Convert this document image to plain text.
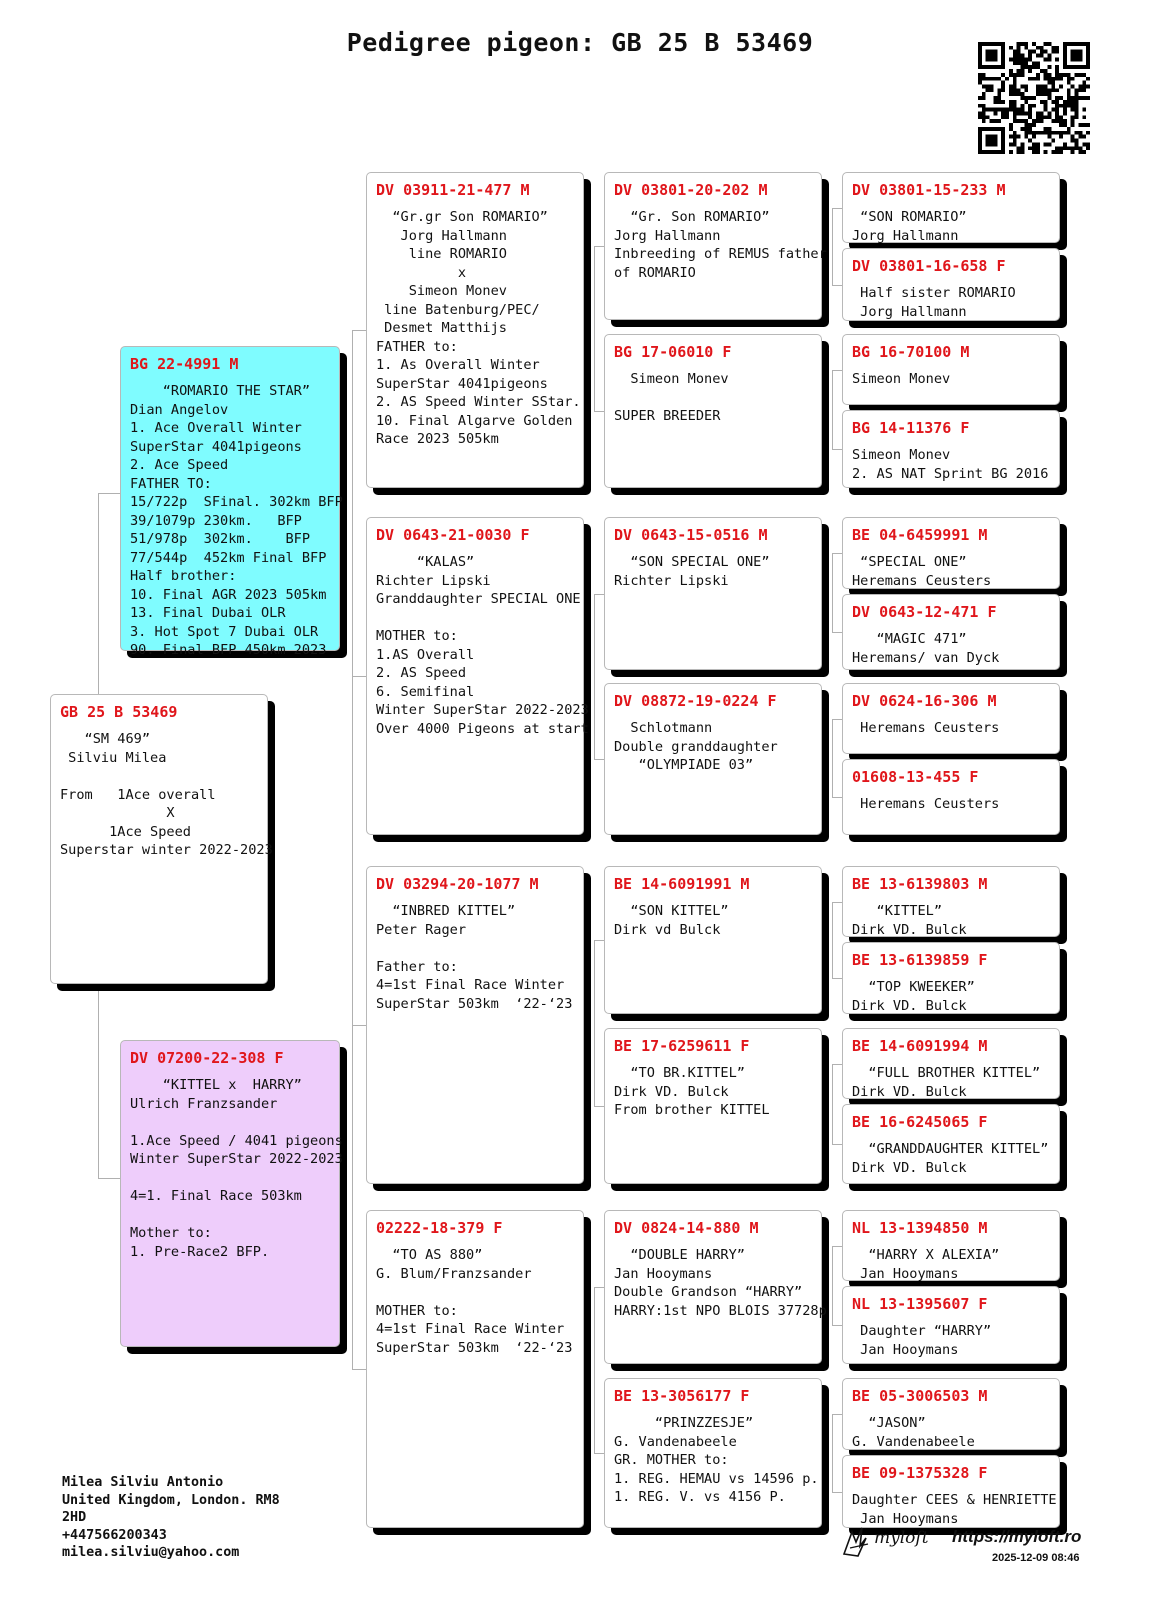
Pedigree pigeon: GB 25 B 53469
GB 25 B 53469
“SM 469”
Silviu Milea
From   1Ace overall
X
1Ace Speed
Superstar winter 2022-2023
BG 22-4991 M
“ROMARIO THE STAR”
Dian Angelov
1. Ace Overall Winter
SuperStar 4041pigeons
2. Ace Speed
FATHER TO:
15/722p  SFinal. 302km BFP
39/1079p 230km.   BFP
51/978p  302km.    BFP
77/544p  452km Final BFP
Half brother:
10. Final AGR 2023 505km
13. Final Dubai OLR
3. Hot Spot 7 Dubai OLR
90. Final BFP 450km 2023
DV 07200-22-308 F
“KITTEL x  HARRY”
Ulrich Franzsander
1.Ace Speed / 4041 pigeons
Winter SuperStar 2022-2023
4=1. Final Race 503km
Mother to:
1. Pre-Race2 BFP.
DV 03911-21-477 M
“Gr.gr Son ROMARIO”
Jorg Hallmann
line ROMARIO
x
Simeon Monev
line Batenburg/PEC/
Desmet Matthijs
FATHER to:
1. As Overall Winter
SuperStar 4041pigeons
2. AS Speed Winter SStar.
10. Final Algarve Golden
Race 2023 505km
DV 0643-21-0030 F
“KALAS”
Richter Lipski
Granddaughter SPECIAL ONE
MOTHER to:
1.AS Overall
2. AS Speed
6. Semifinal
Winter SuperStar 2022-2023
Over 4000 Pigeons at start
DV 03294-20-1077 M
“INBRED KITTEL”
Peter Rager
Father to:
4=1st Final Race Winter
SuperStar 503km  ‘22-‘23
02222-18-379 F
“TO AS 880”
G. Blum/Franzsander
MOTHER to:
4=1st Final Race Winter
SuperStar 503km  ‘22-‘23
DV 03801-20-202 M
“Gr. Son ROMARIO”
Jorg Hallmann
Inbreeding of REMUS father
of ROMARIO
BG 17-06010 F
Simeon Monev
SUPER BREEDER
DV 0643-15-0516 M
“SON SPECIAL ONE”
Richter Lipski
DV 08872-19-0224 F
Schlotmann
Double granddaughter
“OLYMPIADE 03”
BE 14-6091991 M
“SON KITTEL”
Dirk vd Bulck
BE 17-6259611 F
“TO BR.KITTEL”
Dirk VD. Bulck
From brother KITTEL
DV 0824-14-880 M
“DOUBLE HARRY”
Jan Hooymans
Double Grandson “HARRY”
HARRY:1st NPO BLOIS 37728p
BE 13-3056177 F
“PRINZZESJE”
G. Vandenabeele
GR. MOTHER to:
1. REG. HEMAU vs 14596 p.
1. REG. V. vs 4156 P.
DV 03801-15-233 M
“SON ROMARIO”
Jorg Hallmann
DV 03801-16-658 F
Half sister ROMARIO
Jorg Hallmann
BG 16-70100 M
Simeon Monev
BG 14-11376 F
Simeon Monev
2. AS NAT Sprint BG 2016
BE 04-6459991 M
“SPECIAL ONE”
Heremans Ceusters
DV 0643-12-471 F
“MAGIC 471”
Heremans/ van Dyck
DV 0624-16-306 M
Heremans Ceusters
01608-13-455 F
Heremans Ceusters
BE 13-6139803 M
“KITTEL”
Dirk VD. Bulck
BE 13-6139859 F
“TOP KWEEKER”
Dirk VD. Bulck
BE 14-6091994 M
“FULL BROTHER KITTEL”
Dirk VD. Bulck
BE 16-6245065 F
“GRANDDAUGHTER KITTEL”
Dirk VD. Bulck
NL 13-1394850 M
“HARRY X ALEXIA”
Jan Hooymans
NL 13-1395607 F
Daughter “HARRY”
Jan Hooymans
BE 05-3006503 M
“JASON”
G. Vandenabeele
BE 09-1375328 F
Daughter CEES & HENRIETTE
Jan Hooymans
Milea Silviu Antonio
United Kingdom, London. RM8
2HD
+447566200343
milea.silviu@yahoo.com
myloft https://myloft.ro
2025-12-09 08:46
